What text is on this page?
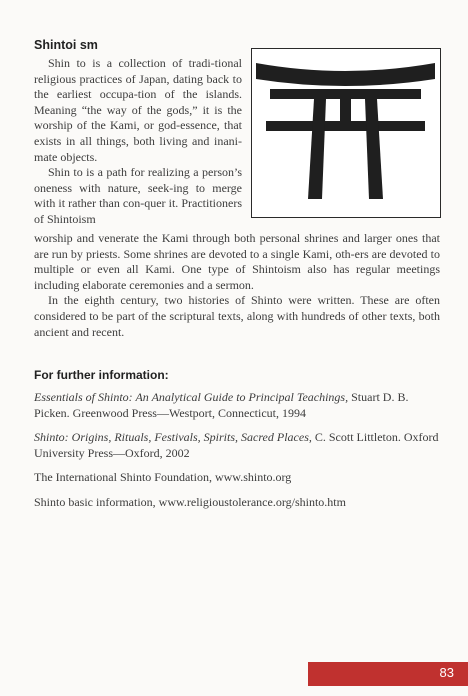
Shintoi sm

Shin to is a collection of tradi-tional religious practices of Japan, dating back to the earliest occupa-tion of the islands. Meaning “the way of the gods,” it is the worship of the Kami, or god-essence, that exists in all things, both living and inani-mate objects.

Shin to is a path for realizing a person’s oneness with nature, seek-ing to merge with it rather than con-quer it. Practitioners of Shintoism

worship and venerate the Kami through both personal shrines and larger ones that are run by priests. Some shrines are devoted to a single Kami, oth-ers are devoted to multiple or even all Kami. One type of Shintoism also has regular meetings including elaborate ceremonies and a sermon.

In the eighth century, two histories of Shinto were written. These are often considered to be part of the scriptural texts, along with hundreds of other texts, both ancient and recent.

For further information:

Essentials of Shinto: An Analytical Guide to Principal Teachings, Stuart D. B. Picken. Greenwood Press—Westport, Connecticut, 1994

Shinto: Origins, Rituals, Festivals, Spirits, Sacred Places, C. Scott Littleton. Oxford University Press—Oxford, 2002

The International Shinto Foundation, www.shinto.org

Shinto basic information, www.religioustolerance.org/shinto.htm

83
